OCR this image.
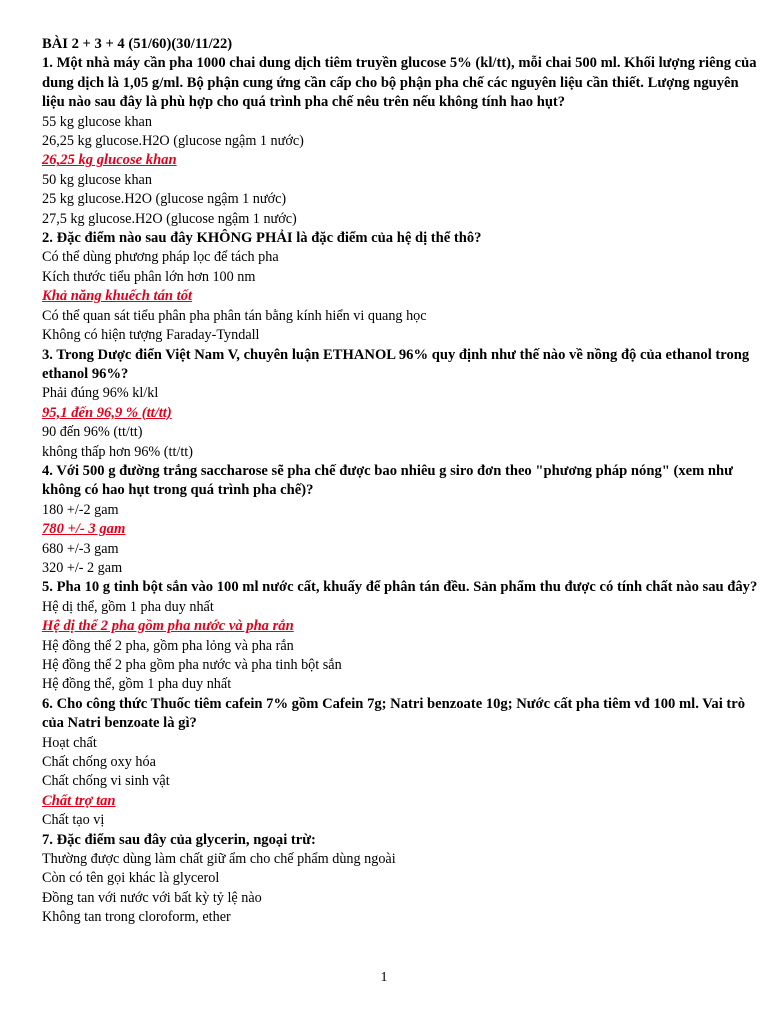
BÀI 2 + 3 + 4 (51/60)(30/11/22)
1. Một nhà máy cần pha 1000 chai dung dịch tiêm truyền glucose 5% (kl/tt), mỗi chai 500 ml. Khối lượng riêng của dung dịch là 1,05 g/ml. Bộ phận cung ứng cần cấp cho bộ phận pha chế các nguyên liệu cần thiết. Lượng nguyên liệu nào sau đây là phù hợp cho quá trình pha chế nêu trên nếu không tính hao hụt?
55 kg glucose khan
26,25 kg glucose.H2O (glucose ngậm 1 nước)
26,25 kg glucose khan
50 kg glucose khan
25 kg glucose.H2O (glucose ngậm 1 nước)
27,5 kg glucose.H2O (glucose ngậm 1 nước)
2. Đặc điểm nào sau đây KHÔNG PHẢI là đặc điểm của hệ dị thể thô?
Có thể dùng phương pháp lọc để tách pha
Kích thước tiểu phân lớn hơn 100 nm
Khả năng khuếch tán tốt
Có thể quan sát tiểu phân pha phân tán bằng kính hiển vi quang học
Không có hiện tượng Faraday-Tyndall
3. Trong Dược điển Việt Nam V, chuyên luận ETHANOL 96% quy định như thế nào về nồng độ của ethanol trong ethanol 96%?
Phải đúng 96% kl/kl
95,1 đến 96,9 % (tt/tt)
90 đến 96% (tt/tt)
không thấp hơn 96% (tt/tt)
4. Với 500 g đường trắng saccharose sẽ pha chế được bao nhiêu g siro đơn theo "phương pháp nóng" (xem như không có hao hụt trong quá trình pha chế)?
180 +/-2 gam
780 +/- 3 gam
680 +/-3 gam
320 +/- 2 gam
5. Pha 10 g tinh bột sắn vào 100 ml nước cất, khuấy để phân tán đều. Sản phẩm thu được có tính chất nào sau đây?
Hệ dị thể, gồm 1 pha duy nhất
Hệ dị thể 2 pha gồm pha nước và pha rắn
Hệ đồng thể 2 pha, gồm pha lỏng và pha rắn
Hệ đồng thể 2 pha gồm pha nước và pha tinh bột sắn
Hệ đồng thể, gồm 1 pha duy nhất
6. Cho công thức Thuốc tiêm cafein 7% gồm Cafein 7g; Natri benzoate 10g; Nước cất pha tiêm vđ 100 ml. Vai trò của Natri benzoate là gì?
Hoạt chất
Chất chống oxy hóa
Chất chống vi sinh vật
Chất trợ tan
Chất tạo vị
7. Đặc điểm sau đây của glycerin, ngoại trừ:
Thường được dùng làm chất giữ ẩm cho chế phẩm dùng ngoài
Còn có tên gọi khác là glycerol
Đồng tan với nước với bất kỳ tỷ lệ nào
Không tan trong cloroform, ether
1
